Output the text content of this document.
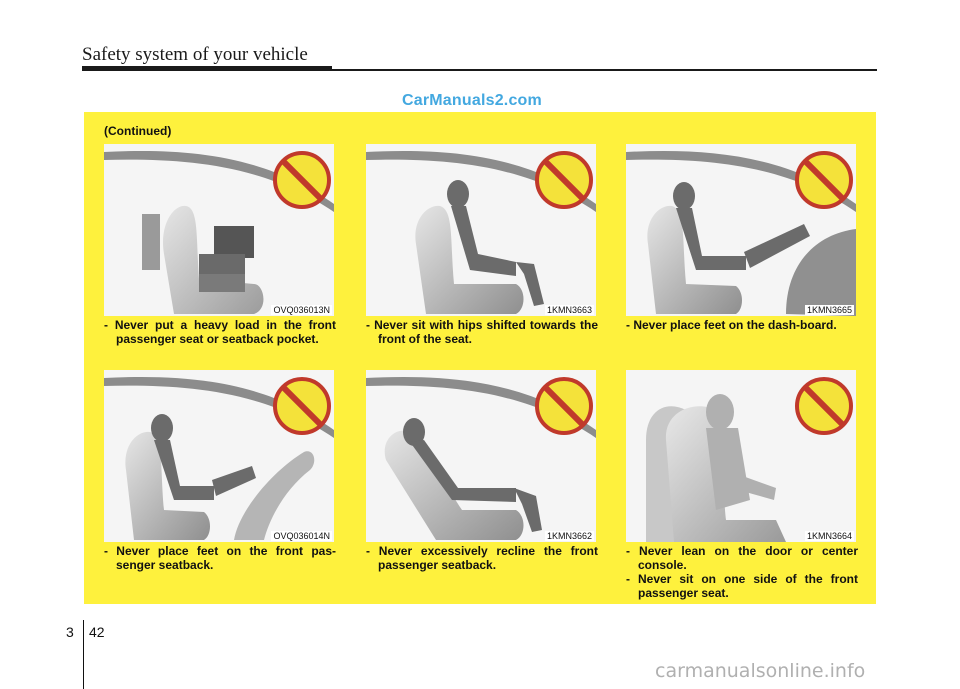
Safety system of your vehicle
CarManuals2.com
(Continued)
OVQ036013N	1KMN3663	1KMN3665
- Never put a heavy load in the front passenger seat or seatback pocket.
- Never sit with hips shifted towards the front of the seat.
- Never place feet on the dash-board.
OVQ036014N	1KMN3662	1KMN3664
- Never place feet on the front pas-senger seatback.
- Never excessively recline the front passenger seatback.
- Never lean on the door or center console.
- Never sit on one side of the front passenger seat.
3 42
carmanualsonline.info
